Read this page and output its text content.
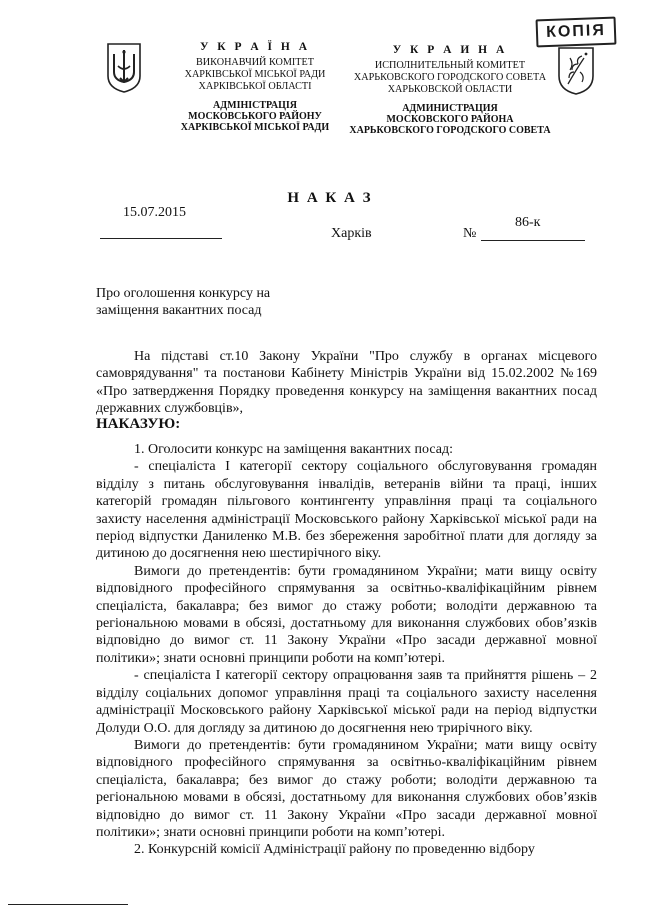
КОПІЯ
У К Р А Ї Н А
ВИКОНАВЧИЙ КОМІТЕТ
ХАРКІВСЬКОЇ МІСЬКОЇ РАДИ
ХАРКІВСЬКОЇ ОБЛАСТІ
АДМІНІСТРАЦІЯ
МОСКОВСЬКОГО РАЙОНУ
ХАРКІВСЬКОЇ МІСЬКОЇ РАДИ
У К Р А И Н А
ИСПОЛНИТЕЛЬНЫЙ КОМИТЕТ
ХАРЬКОВСКОГО ГОРОДСКОГО СОВЕТА
ХАРЬКОВСКОЙ ОБЛАСТИ
АДМИНИСТРАЦИЯ
МОСКОВСКОГО РАЙОНА
ХАРЬКОВСКОГО ГОРОДСКОГО СОВЕТА
Н А К А З
15.07.2015
Харків	№
86-к
Про оголошення конкурсу на
заміщення вакантних посад

На підставі ст.10 Закону України "Про службу в органах місцевого самоврядування" та постанови Кабінету Міністрів України від 15.02.2002 №169 «Про затвердження Порядку проведення конкурсу на заміщення вакантних посад державних службовців»,

НАКАЗУЮ:

1. Оголосити конкурс на заміщення вакантних посад:

- спеціаліста І категорії сектору соціального обслуговування громадян відділу з питань обслуговування інвалідів, ветеранів війни та праці, інших категорій громадян пільгового контингенту управління праці та соціального захисту населення адміністрації Московського району Харківської міської ради на період відпустки Даниленко М.В. без збереження заробітної плати для догляду за дитиною до досягнення нею шестирічного віку.

Вимоги до претендентів: бути громадянином України; мати вищу освіту відповідного професійного спрямування за освітньо-кваліфікаційним рівнем спеціаліста, бакалавра; без вимог до стажу роботи; володіти державною та регіональною мовами в обсязі, достатньому для виконання службових обов’язків відповідно до вимог ст. 11 Закону України «Про засади державної мовної політики»; знати основні принципи роботи на комп’ютері.

- спеціаліста І категорії сектору опрацювання заяв та прийняття рішень – 2 відділу соціальних допомог управління праці та соціального захисту населення адміністрації Московського району Харківської міської ради на період відпустки Долуди О.О. для догляду за дитиною до досягнення нею трирічного віку.

Вимоги до претендентів: бути громадянином України; мати вищу освіту відповідного професійного спрямування за освітньо-кваліфікаційним рівнем спеціаліста, бакалавра; без вимог до стажу роботи; володіти державною та регіональною мовами в обсязі, достатньому для виконання службових обов’язків відповідно до вимог ст. 11 Закону України «Про засади державної мовної політики»; знати основні принципи роботи на комп’ютері.

2. Конкурсній комісії Адміністрації району по проведенню відбору
